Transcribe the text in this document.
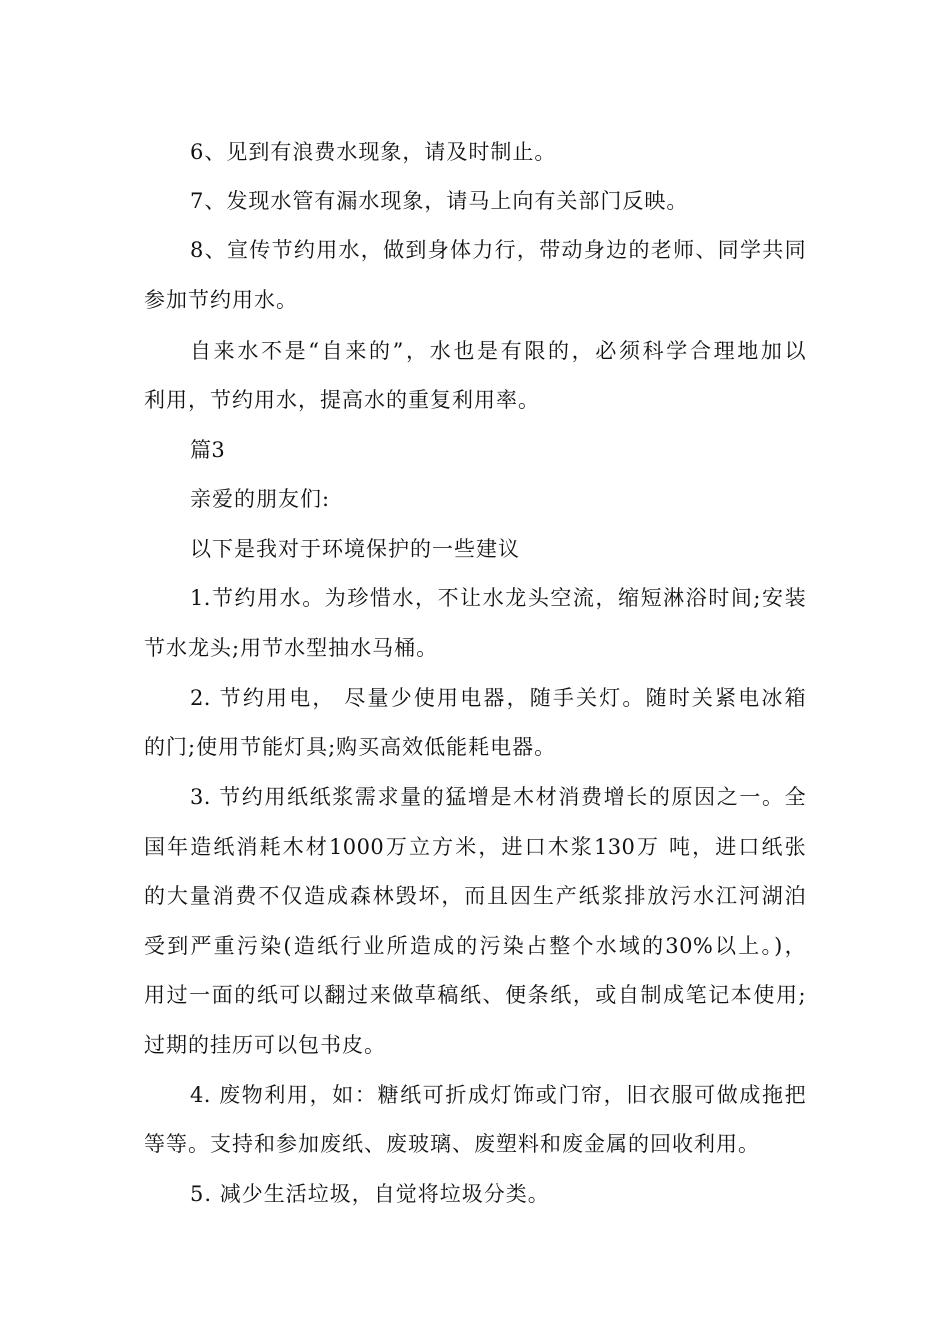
6、见到有浪费水现象，请及时制止。
7、发现水管有漏水现象，请马上向有关部门反映。
8、宣传节约用水，做到身体力行，带动身边的老师、同学共同
参加节约用水。
自来水不是“自来的”，水也是有限的，必须科学合理地加以
利用，节约用水，提高水的重复利用率。
篇3
亲爱的朋友们:
以下是我对于环境保护的一些建议
1.节约用水。为珍惜水，不让水龙头空流，缩短淋浴时间;安装
节水龙头;用节水型抽水马桶。
2. 节约用电， 尽量少使用电器，随手关灯。随时关紧电冰箱
的门;使用节能灯具;购买高效低能耗电器。
3. 节约用纸纸浆需求量的猛增是木材消费增长的原因之一。全
国年造纸消耗木材1000万立方米，进口木浆130万 吨，进口纸张
的大量消费不仅造成森林毁坏，而且因生产纸浆排放污水江河湖泊
受到严重污染(造纸行业所造成的污染占整个水域的30%以上。)，
用过一面的纸可以翻过来做草稿纸、便条纸，或自制成笔记本使用;
过期的挂历可以包书皮。
4. 废物利用，如：糖纸可折成灯饰或门帘，旧衣服可做成拖把
等等。支持和参加废纸、废玻璃、废塑料和废金属的回收利用。
5. 减少生活垃圾，自觉将垃圾分类。
